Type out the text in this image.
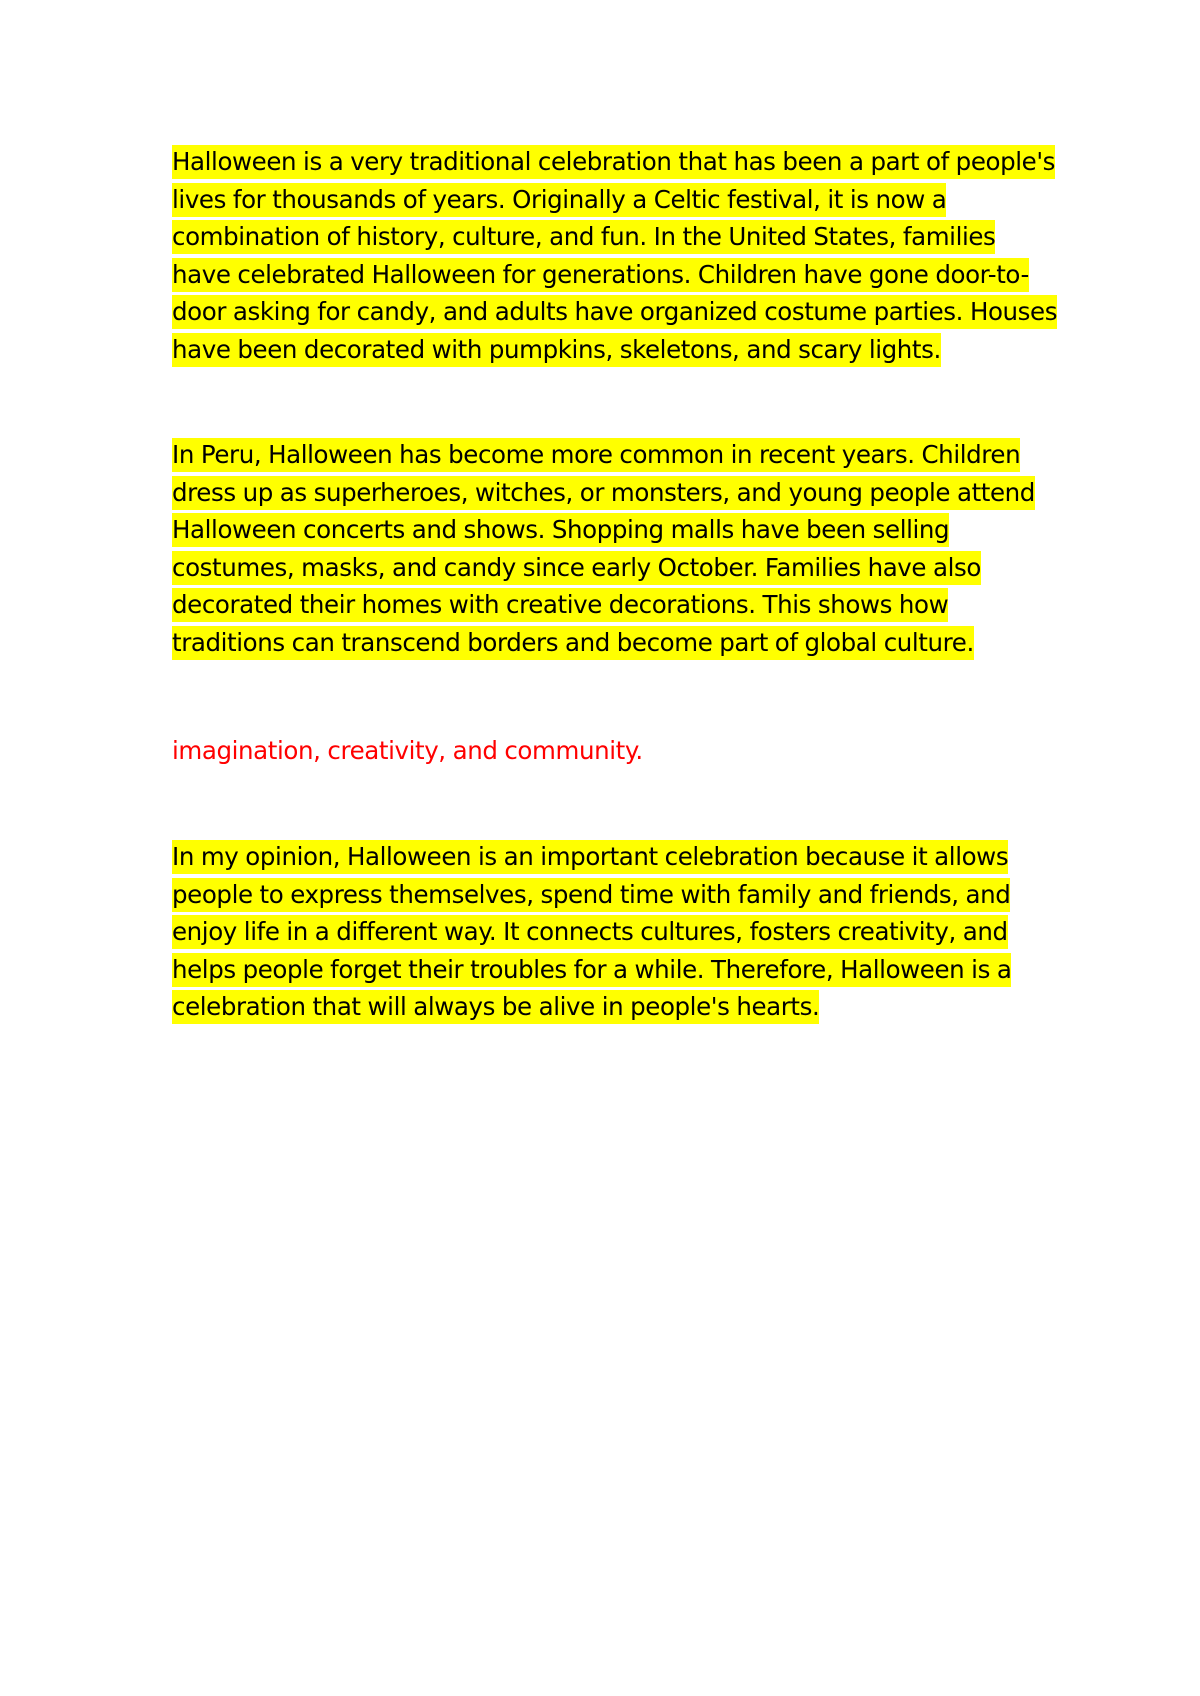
Halloween is a very traditional celebration that has been a part of people's
lives for thousands of years. Originally a Celtic festival, it is now a
combination of history, culture, and fun. In the United States, families
have celebrated Halloween for generations. Children have gone door-to-
door asking for candy, and adults have organized costume parties. Houses
have been decorated with pumpkins, skeletons, and scary lights.

In Peru, Halloween has become more common in recent years. Children
dress up as superheroes, witches, or monsters, and young people attend
Halloween concerts and shows. Shopping malls have been selling
costumes, masks, and candy since early October. Families have also
decorated their homes with creative decorations. This shows how
traditions can transcend borders and become part of global culture.

imagination, creativity, and community.

In my opinion, Halloween is an important celebration because it allows
people to express themselves, spend time with family and friends, and
enjoy life in a different way. It connects cultures, fosters creativity, and
helps people forget their troubles for a while. Therefore, Halloween is a
celebration that will always be alive in people's hearts.
